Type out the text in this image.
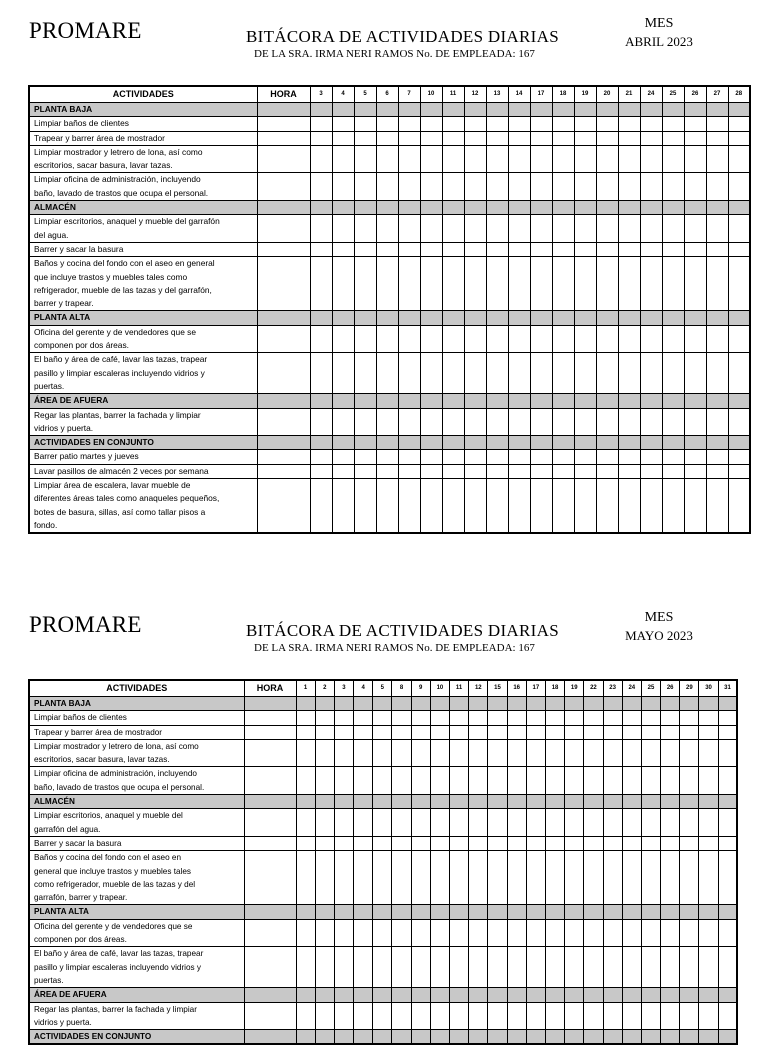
PROMARE	BITÁCORA DE ACTIVIDADES DIARIAS
DE LA SRA. IRMA NERI RAMOS No. DE EMPLEADA: 167
MES
ABRIL 2023
ACTIVIDADES	HORA	3	4	5	6	7	10	11	12	13	14	17	18	19	20	21	24	25	26	27	28
PLANTA BAJA																					

Limpiar baños de clientes																					

Trapear y barrer área de mostrador																					

Limpiar mostrador y letrero de lona, así como
escritorios, sacar basura, lavar tazas.																					

Limpiar oficina de administración, incluyendo
baño, lavado de trastos que ocupa el personal.																					

ALMACÉN																					

Limpiar escritorios, anaquel y mueble del garrafón
del agua.																					

Barrer y sacar la basura																					

Baños y cocina del fondo con el aseo en general
que incluye trastos y muebles tales como
refrigerador, mueble de las tazas y del garrafón,
barrer y trapear.																					

PLANTA ALTA																					

Oficina del gerente y de vendedores que se
componen por dos áreas.																					

El baño y área de café, lavar las tazas, trapear
pasillo y limpiar escaleras incluyendo vidrios y
puertas.																					

ÁREA DE AFUERA																					

Regar las plantas, barrer la fachada y limpiar
vidrios y puerta.																					

ACTIVIDADES EN CONJUNTO																					

Barrer patio martes y jueves																					

Lavar pasillos de almacén 2 veces por semana																					

Limpiar área de escalera, lavar mueble de
diferentes áreas tales como anaqueles pequeños,
botes de basura, sillas, así como tallar pisos a
fondo.																					

PROMARE	BITÁCORA DE ACTIVIDADES DIARIAS
DE LA SRA. IRMA NERI RAMOS No. DE EMPLEADA: 167
MES
MAYO 2023
ACTIVIDADES	HORA	1	2	3	4	5	8	9	10	11	12	15	16	17	18	19	22	23	24	25	26	29	30	31
PLANTA BAJA																								

Limpiar baños de clientes																								

Trapear y barrer área de mostrador																								

Limpiar mostrador y letrero de lona, así como
escritorios, sacar basura, lavar tazas.																								

Limpiar oficina de administración, incluyendo
baño, lavado de trastos que ocupa el personal.																								

ALMACÉN																								

Limpiar escritorios, anaquel y mueble del
garrafón del agua.																								

Barrer y sacar la basura																								

Baños y cocina del fondo con el aseo en
general que incluye trastos y muebles tales
como refrigerador, mueble de las tazas y del
garrafón, barrer y trapear.																								

PLANTA ALTA																								

Oficina del gerente y de vendedores que se
componen por dos áreas.																								

El baño y área de café, lavar las tazas, trapear
pasillo y limpiar escaleras incluyendo vidrios y
puertas.																								

ÁREA DE AFUERA																								

Regar las plantas, barrer la fachada y limpiar
vidrios y puerta.																								

ACTIVIDADES EN CONJUNTO																								
